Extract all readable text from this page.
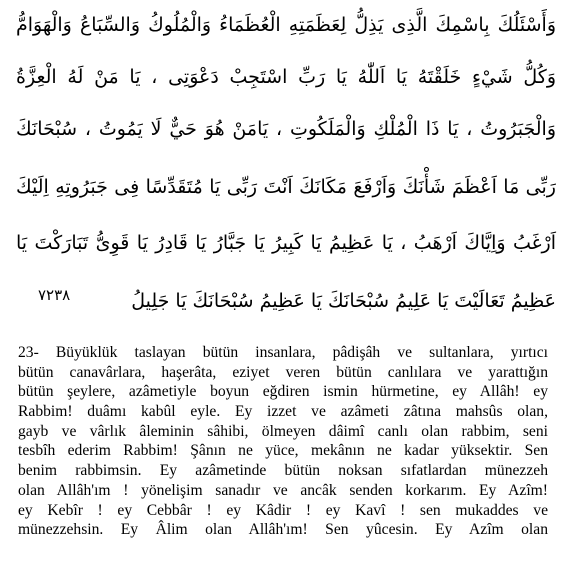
وَأَسْئَلُكَ بِاسْمِكَ الَّذِى يَذِلُّ لِعَظَمَتِهِ الْعُظَمَاءُ وَالْمُلُوكُ وَالسِّبَاعُ وَالْهَوَامُّ
وَكُلُّ شَيْءٍ خَلَقْتَهُ يَا اَللّٰهُ يَا رَبِّ اسْتَجِبْ دَعْوَتِى ، يَا مَنْ لَهُ الْعِزَّةُ
وَالْجَبَرُوتُ ، يَا ذَا الْمُلْكِ وَالْمَلَكُوتِ ، يَامَنْ هُوَ حَيٌّ لَا يَمُوتُ ، سُبْحَانَكَ
رَبِّى مَا اَعْظَمَ شَأْنَكَ وَاَرْفَعَ مَكَانَكَ اَنْتَ رَبِّى يَا مُتَقَدِّسًا فِى جَبَرُوتِهِ اِلَيْكَ
اَرْغَبُ وَاِيَّاكَ اَرْهَبُ ، يَا عَظِيمُ يَا كَبِيرُ يَا جَبَّارُ يَا قَادِرُ يَا قَوِىُّ تَبَارَكْتَ يَا
عَظِيمُ تَعَالَيْتَ يَا عَلِيمُ سُبْحَانَكَ يَا عَظِيمُ سُبْحَانَكَ يَا جَلِيلُ
٧٢٣٨
23- Büyüklük taslayan bütün insanlara, pâdişâh ve sultanlara, yırtıcı
bütün canavârlara, haşerâta, eziyet veren bütün canlılara ve yarattığın
bütün şeylere, azâmetiyle boyun eğdiren ismin hürmetine, ey Allâh! ey
Rabbim! duâmı kabûl eyle. Ey izzet ve azâmeti zâtına mahsûs olan,
gayb ve vârlık âleminin sâhibi, ölmeyen dâimî canlı olan rabbim, seni
tesbîh ederim Rabbim! Şânın ne yüce, mekânın ne kadar yüksektir. Sen
benim rabbimsin. Ey azâmetinde bütün noksan sıfatlardan münezzeh
olan Allâh'ım ! yönelişim sanadır ve ancâk senden korkarım. Ey Azîm!
ey Kebîr ! ey Cebbâr ! ey Kâdir ! ey Kavî ! sen mukaddes ve
münezzehsin. Ey Âlim olan Allâh'ım! Sen yûcesin. Ey Azîm olan
